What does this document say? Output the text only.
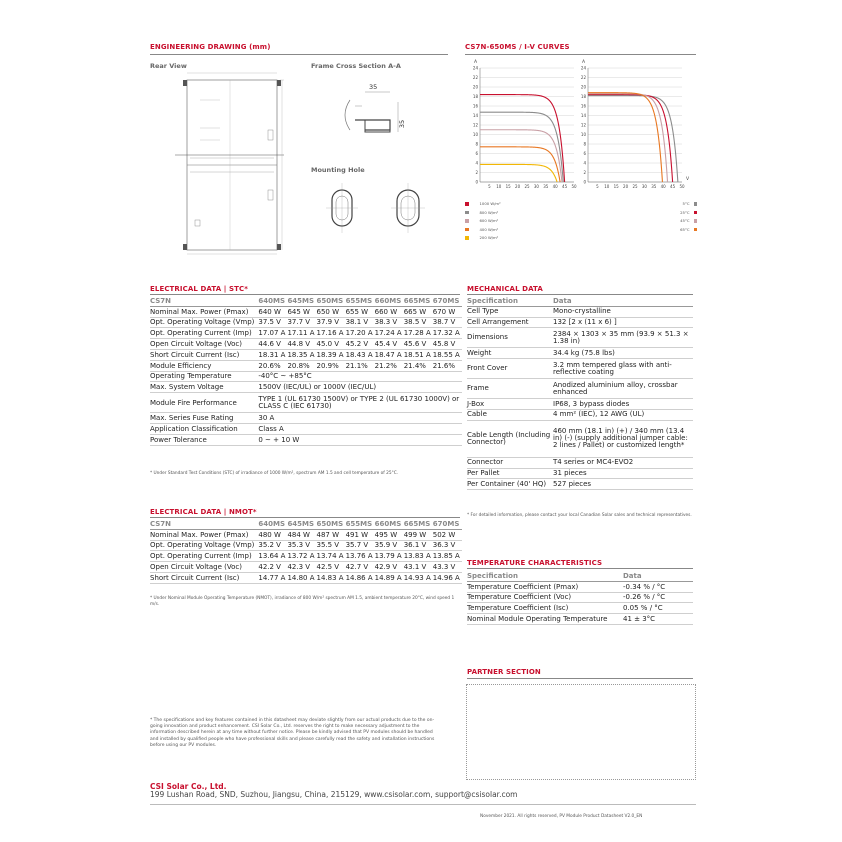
ENGINEERING DRAWING (mm)
Rear View	Frame Cross Section A-A
Mounting Hole
35
35
CS7N-650MS / I-V CURVES
A
0
2
4
6
8
10
12
14
16
18
20
22
24
5 10 15 20 25 30 35 40 45 50
A
0
2
4
6
8
10
12
14
16
18
20
22
24
5 10 15 20 25 30 35 40 45 50
V
1000 W/m²
800 W/m²
600 W/m²
400 W/m²
200 W/m²
5°C
25°C
45°C
65°C
ELECTRICAL DATA | STC*
CS7N	640MS	645MS	650MS	655MS	660MS	665MS	670MS
Nominal Max. Power (Pmax)	640 W	645 W	650 W	655 W	660 W	665 W	670 W
Opt. Operating Voltage (Vmp)	37.5 V	37.7 V	37.9 V	38.1 V	38.3 V	38.5 V	38.7 V
Opt. Operating Current (Imp)	17.07 A	17.11 A	17.16 A	17.20 A	17.24 A	17.28 A	17.32 A
Open Circuit Voltage (Voc)	44.6 V	44.8 V	45.0 V	45.2 V	45.4 V	45.6 V	45.8 V
Short Circuit Current (Isc)	18.31 A	18.35 A	18.39 A	18.43 A	18.47 A	18.51 A	18.55 A
Module Efficiency	20.6%	20.8%	20.9%	21.1%	21.2%	21.4%	21.6%
Operating Temperature	-40°C ~ +85°C						
Max. System Voltage	1500V (IEC/UL) or 1000V (IEC/UL)						
Module Fire Performance	TYPE 1 (UL 61730 1500V) or TYPE 2 (UL 61730 1000V) or CLASS C (IEC 61730)						
Max. Series Fuse Rating	30 A						
Application Classification	Class A						
Power Tolerance	0 ~ + 10 W						
* Under Standard Test Conditions (STC) of irradiance of 1000 W/m², spectrum AM 1.5 and cell temperature of 25°C.
ELECTRICAL DATA | NMOT*
CS7N	640MS	645MS	650MS	655MS	660MS	665MS	670MS
Nominal Max. Power (Pmax)	480 W	484 W	487 W	491 W	495 W	499 W	502 W
Opt. Operating Voltage (Vmp)	35.2 V	35.3 V	35.5 V	35.7 V	35.9 V	36.1 V	36.3 V
Opt. Operating Current (Imp)	13.64 A	13.72 A	13.74 A	13.76 A	13.79 A	13.83 A	13.85 A
Open Circuit Voltage (Voc)	42.2 V	42.3 V	42.5 V	42.7 V	42.9 V	43.1 V	43.3 V
Short Circuit Current (Isc)	14.77 A	14.80 A	14.83 A	14.86 A	14.89 A	14.93 A	14.96 A
* Under Nominal Module Operating Temperature (NMOT), irradiance of 800 W/m² spectrum AM 1.5, ambient temperature 20°C, wind speed 1 m/s.
MECHANICAL DATA
Specification	Data
Cell Type	Mono-crystalline
Cell Arrangement	132 [2 x (11 x 6) ]
Dimensions	2384 × 1303 × 35 mm (93.9 × 51.3 × 1.38 in)
Weight	34.4 kg (75.8 lbs)
Front Cover	3.2 mm tempered glass with anti-reflective coating
Frame	Anodized aluminium alloy, crossbar enhanced
J-Box	IP68, 3 bypass diodes
Cable	4 mm² (IEC), 12 AWG (UL)
Cable Length (Including Connector)	460 mm (18.1 in) (+) / 340 mm (13.4 in) (-) (supply additional jumper cable: 2 lines / Pallet) or customized length*
Connector	T4 series or MC4-EVO2
Per Pallet	31 pieces
Per Container (40' HQ)	527 pieces
* For detailed information, please contact your local Canadian Solar sales and technical representatives.
TEMPERATURE CHARACTERISTICS
Specification	Data
Temperature Coefficient (Pmax)	-0.34 % / °C
Temperature Coefficient (Voc)	-0.26 % / °C
Temperature Coefficient (Isc)	0.05 % / °C
Nominal Module Operating Temperature	41 ± 3°C
PARTNER SECTION
* The specifications and key features contained in this datasheet may deviate slightly from our actual products due to the on-going innovation and product enhancement. CSI Solar Co., Ltd. reserves the right to make necessary adjustment to the information described herein at any time without further notice. Please be kindly advised that PV modules should be handled and installed by qualified people who have professional skills and please carefully read the safety and installation instructions before using our PV modules.
CSI Solar Co., Ltd.
199 Lushan Road, SND, Suzhou, Jiangsu, China, 215129, www.csisolar.com, support@csisolar.com
November 2021. All rights reserved, PV Module Product Datasheet V2.0_EN
